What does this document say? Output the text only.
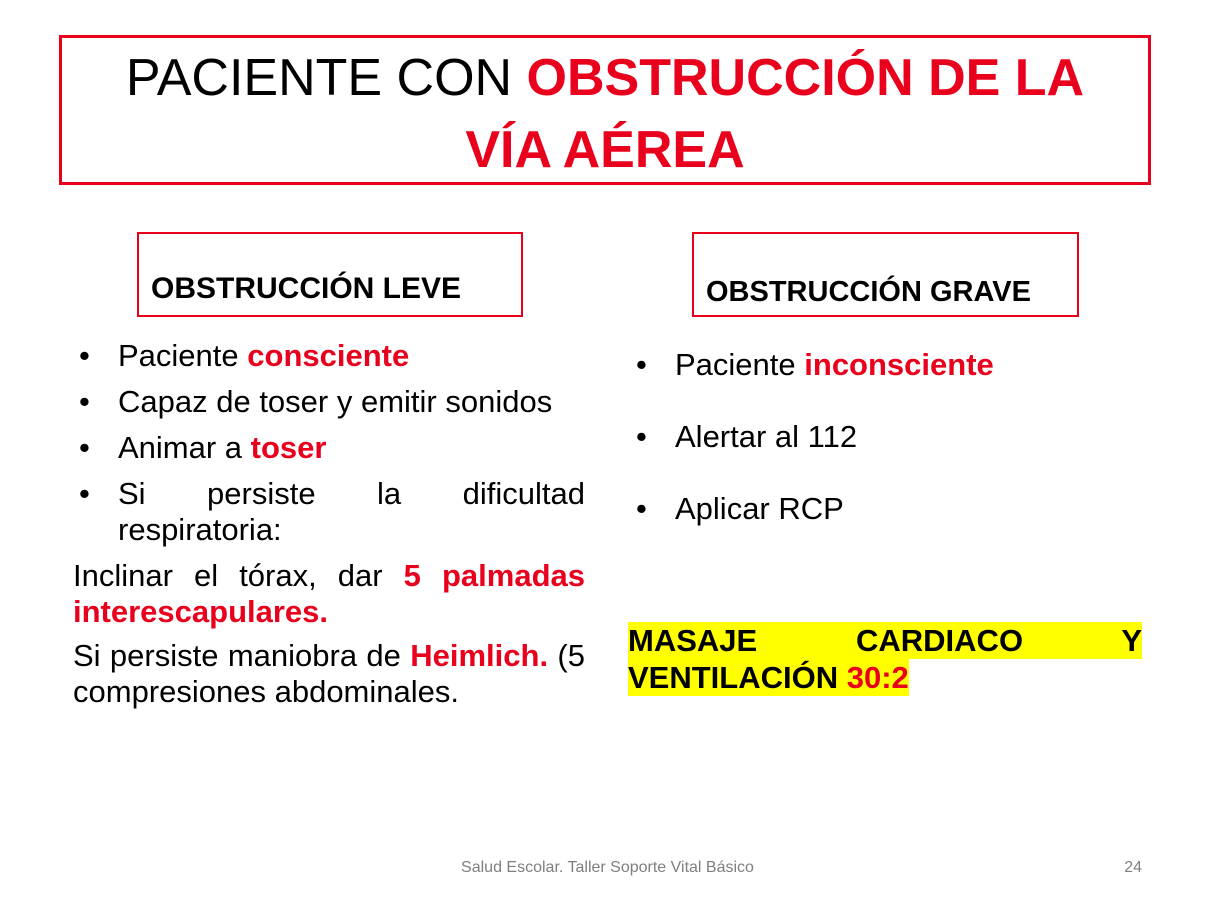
PACIENTE CON OBSTRUCCIÓN DE LA
VÍA AÉREA
OBSTRUCCIÓN LEVE	OBSTRUCCIÓN GRAVE
• Paciente consciente
• Capaz de toser y emitir sonidos
• Animar a toser
• Si persiste la dificultad respiratoria:

Inclinar el tórax, dar 5 palmadas interescapulares.

Si persiste maniobra de Heimlich. (5 compresiones abdominales.

• Paciente inconsciente
• Alertar al 112
• Aplicar RCP
MASAJE CARDIACO Y
VENTILACIÓN 30:2
Salud Escolar. Taller Soporte Vital Básico	24
